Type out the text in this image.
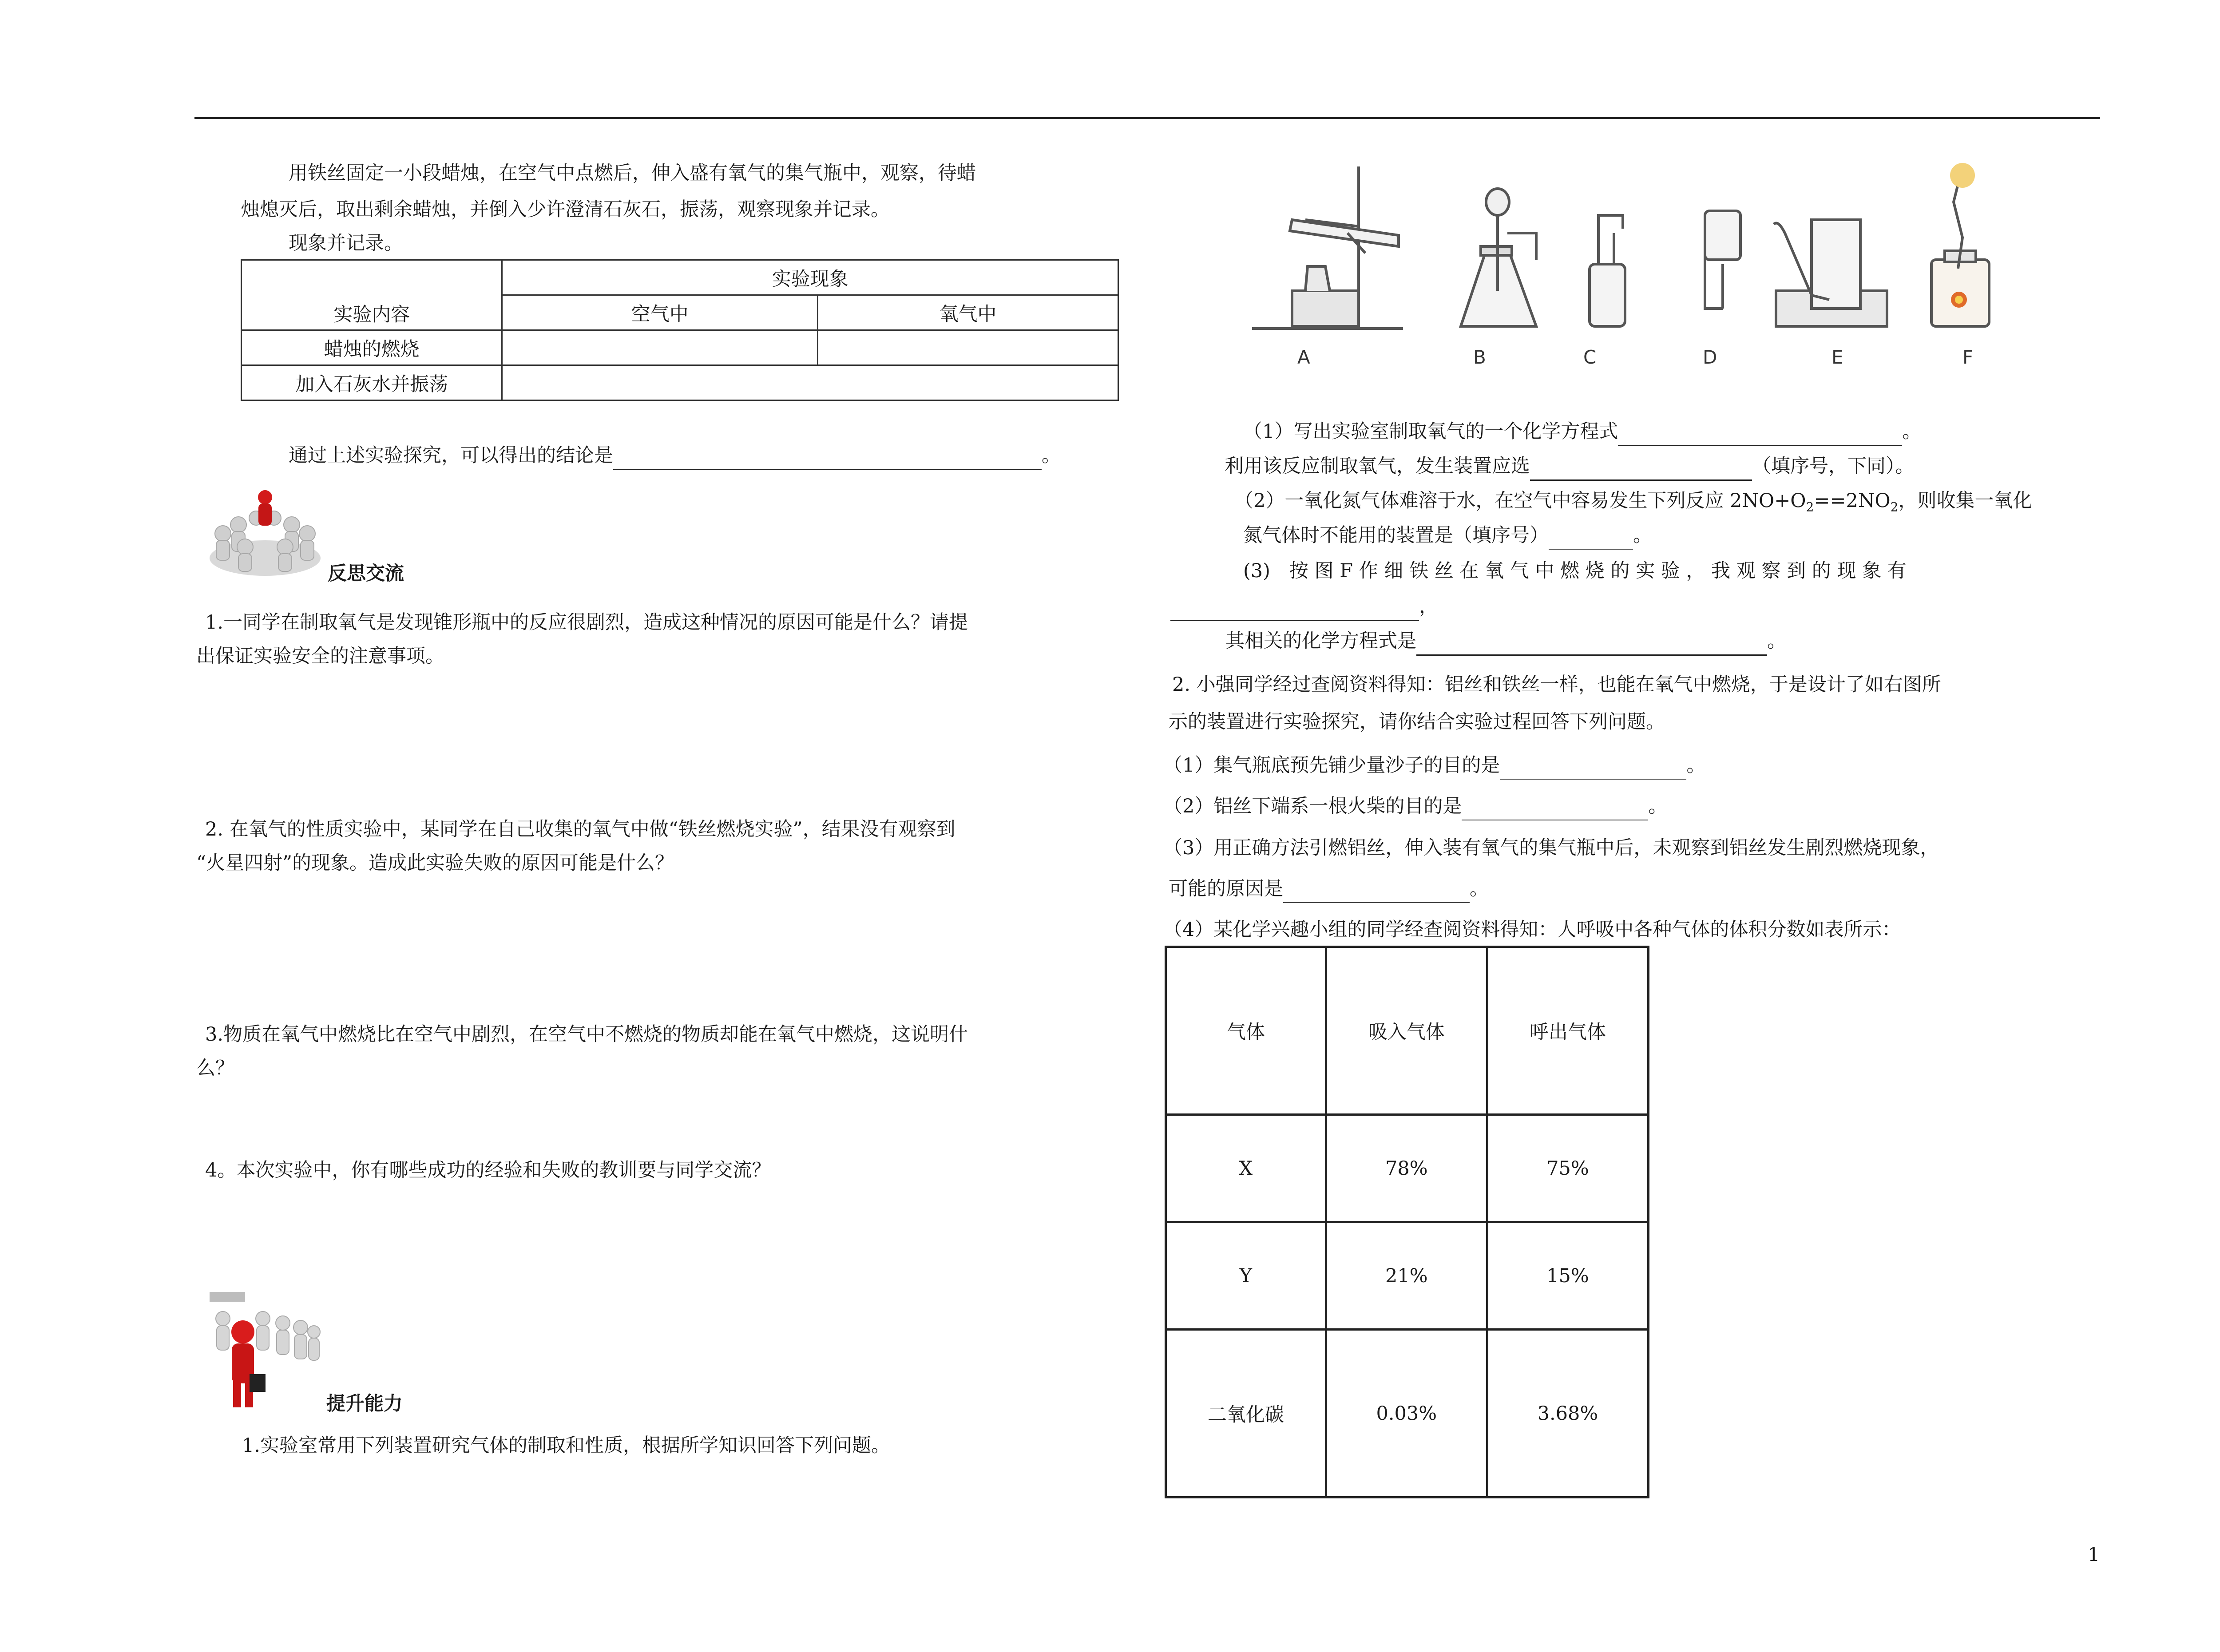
用铁丝固定一小段蜡烛，在空气中点燃后，伸入盛有氧气的集气瓶中，观察，待蜡
烛熄灭后，取出剩余蜡烛，并倒入少许澄清石灰石，振荡，观察现象并记录。
现象并记录。
实验内容	实验现象	
	空气中	氧气中
蜡烛的燃烧		
加入石灰水并振荡		
通过上述实验探究，可以得出的结论是	。
反思交流
1.一同学在制取氧气是发现锥形瓶中的反应很剧烈，造成这种情况的原因可能是什么？请提
出保证实验安全的注意事项。
2. 在氧气的性质实验中，某同学在自己收集的氧气中做“铁丝燃烧实验”，结果没有观察到
“火星四射”的现象。造成此实验失败的原因可能是什么？
3.物质在氧气中燃烧比在空气中剧烈，在空气中不燃烧的物质却能在氧气中燃烧，这说明什
么？
4。本次实验中，你有哪些成功的经验和失败的教训要与同学交流？
提升能力
1.实验室常用下列装置研究气体的制取和性质，根据所学知识回答下列问题。
A	B	C	D	E	F
（1）写出实验室制取氧气的一个化学方程式	。
利用该反应制取氧气，发生装置应选	（填序号，下同）。
（2）一氧化氮气体难溶于水，在空气中容易发生下列反应 $2NO+O_2==2NO_2$，则收集一氧化
氮气体时不能用的装置是（填序号）	。
(3)　按 图 F 作 细 铁 丝 在 氧 气 中 燃 烧 的 实 验 ， 我 观 察 到 的 现 象 有
，
其相关的化学方程式是	。
2. 小强同学经过查阅资料得知：铝丝和铁丝一样，也能在氧气中燃烧，于是设计了如右图所
示的装置进行实验探究，请你结合实验过程回答下列问题。
（1）集气瓶底预先铺少量沙子的目的是	。
（2）铝丝下端系一根火柴的目的是	。
（3）用正确方法引燃铝丝，伸入装有氧气的集气瓶中后，未观察到铝丝发生剧烈燃烧现象，
可能的原因是	。
（4）某化学兴趣小组的同学经查阅资料得知：人呼吸中各种气体的体积分数如表所示：
气体	吸入气体	呼出气体
X	78%	75%
Y	21%	15%
二氧化碳	0.03%	3.68%
1
